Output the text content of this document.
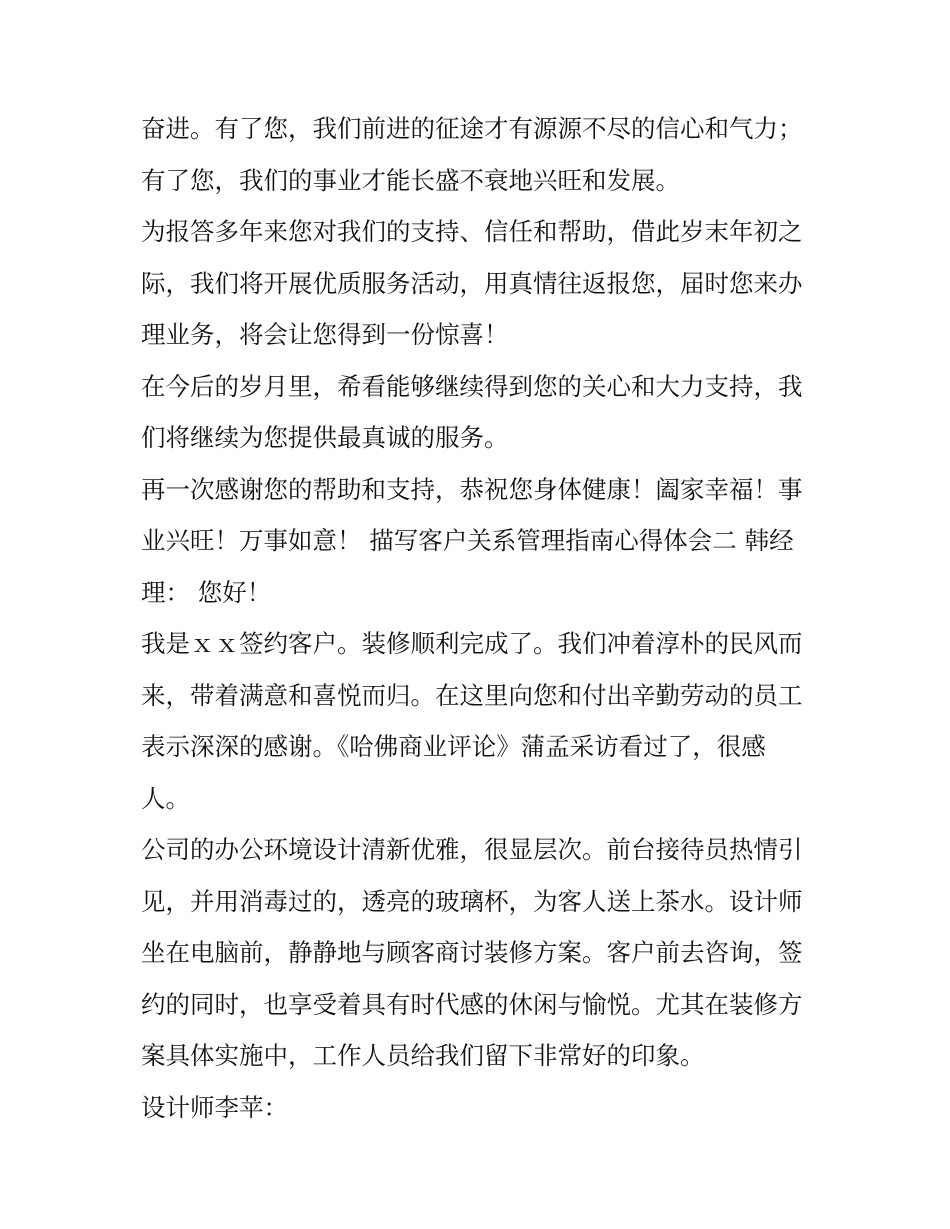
奋进。有了您，我们前进的征途才有源源不尽的信心和气力；
有了您，我们的事业才能长盛不衰地兴旺和发展。
为报答多年来您对我们的支持、信任和帮助，借此岁末年初之
际，我们将开展优质服务活动，用真情往返报您，届时您来办
理业务，将会让您得到一份惊喜！
在今后的岁月里，希看能够继续得到您的关心和大力支持，我
们将继续为您提供最真诚的服务。
再一次感谢您的帮助和支持，恭祝您身体健康！阖家幸福！事
业兴旺！万事如意！ 描写客户关系管理指南心得体会二 韩经
理： 您好！
我是ｘｘ签约客户。装修顺利完成了。我们冲着淳朴的民风而
来，带着满意和喜悦而归。在这里向您和付出辛勤劳动的员工
表示深深的感谢。《哈佛商业评论》蒲孟采访看过了，很感
人。
公司的办公环境设计清新优雅，很显层次。前台接待员热情引
见，并用消毒过的，透亮的玻璃杯，为客人送上茶水。设计师
坐在电脑前，静静地与顾客商讨装修方案。客户前去咨询，签
约的同时，也享受着具有时代感的休闲与愉悦。尤其在装修方
案具体实施中，工作人员给我们留下非常好的印象。
设计师李苹：
